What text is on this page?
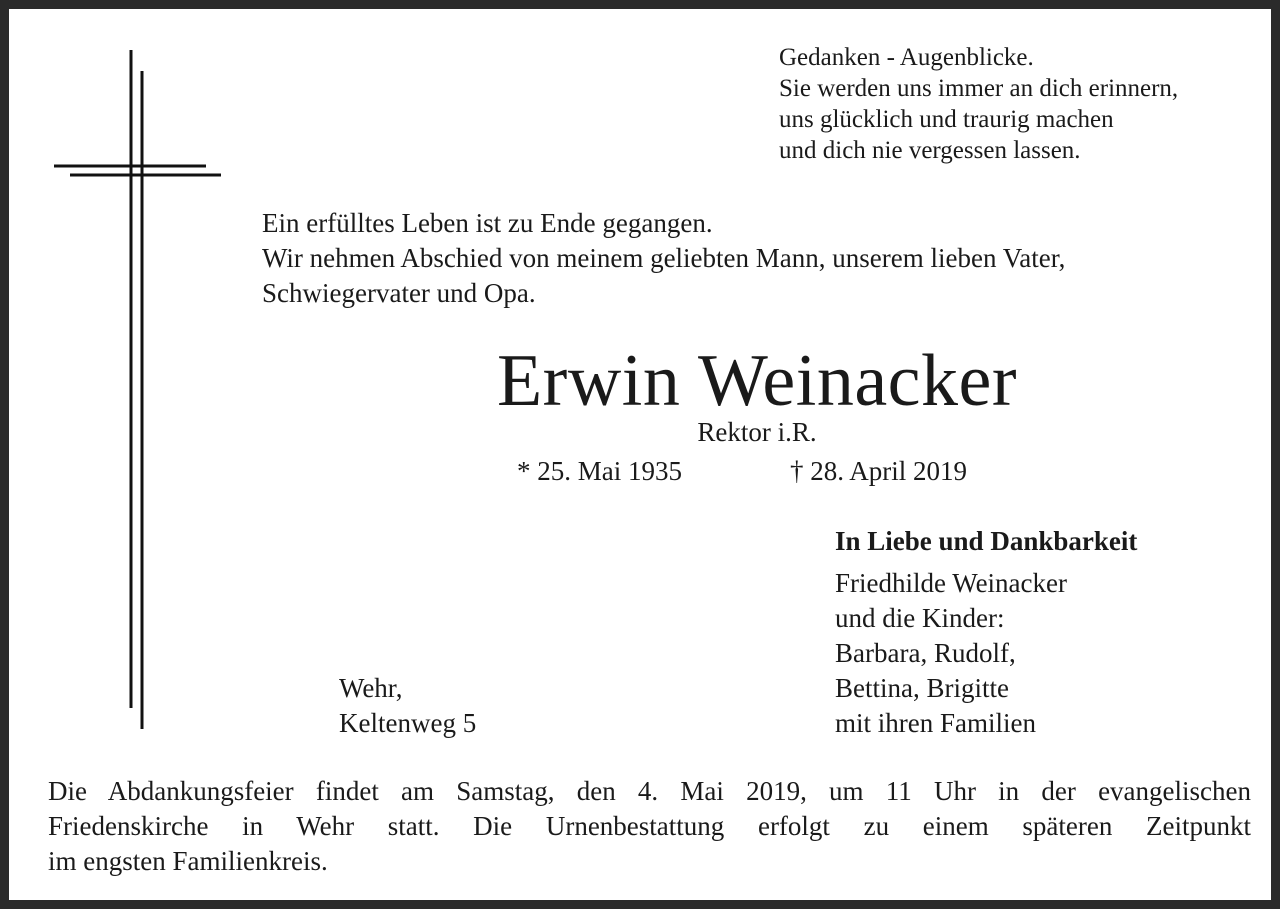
Gedanken - Augenblicke.
Sie werden uns immer an dich erinnern,
uns glücklich und traurig machen
und dich nie vergessen lassen.
Ein erfülltes Leben ist zu Ende gegangen.
Wir nehmen Abschied von meinem geliebten Mann, unserem lieben Vater,
Schwiegervater und Opa.
Erwin Weinacker
Rektor i.R.
* 25. Mai 1935	† 28. April 2019
In Liebe und Dankbarkeit
Friedhilde Weinacker
und die Kinder:
Barbara, Rudolf,
Bettina, Brigitte
mit ihren Familien
Wehr,
Keltenweg 5
Die Abdankungsfeier findet am Samstag, den 4. Mai 2019, um 11 Uhr in der evangelischen
Friedenskirche in Wehr statt. Die Urnenbestattung erfolgt zu einem späteren Zeitpunkt
im engsten Familienkreis.
